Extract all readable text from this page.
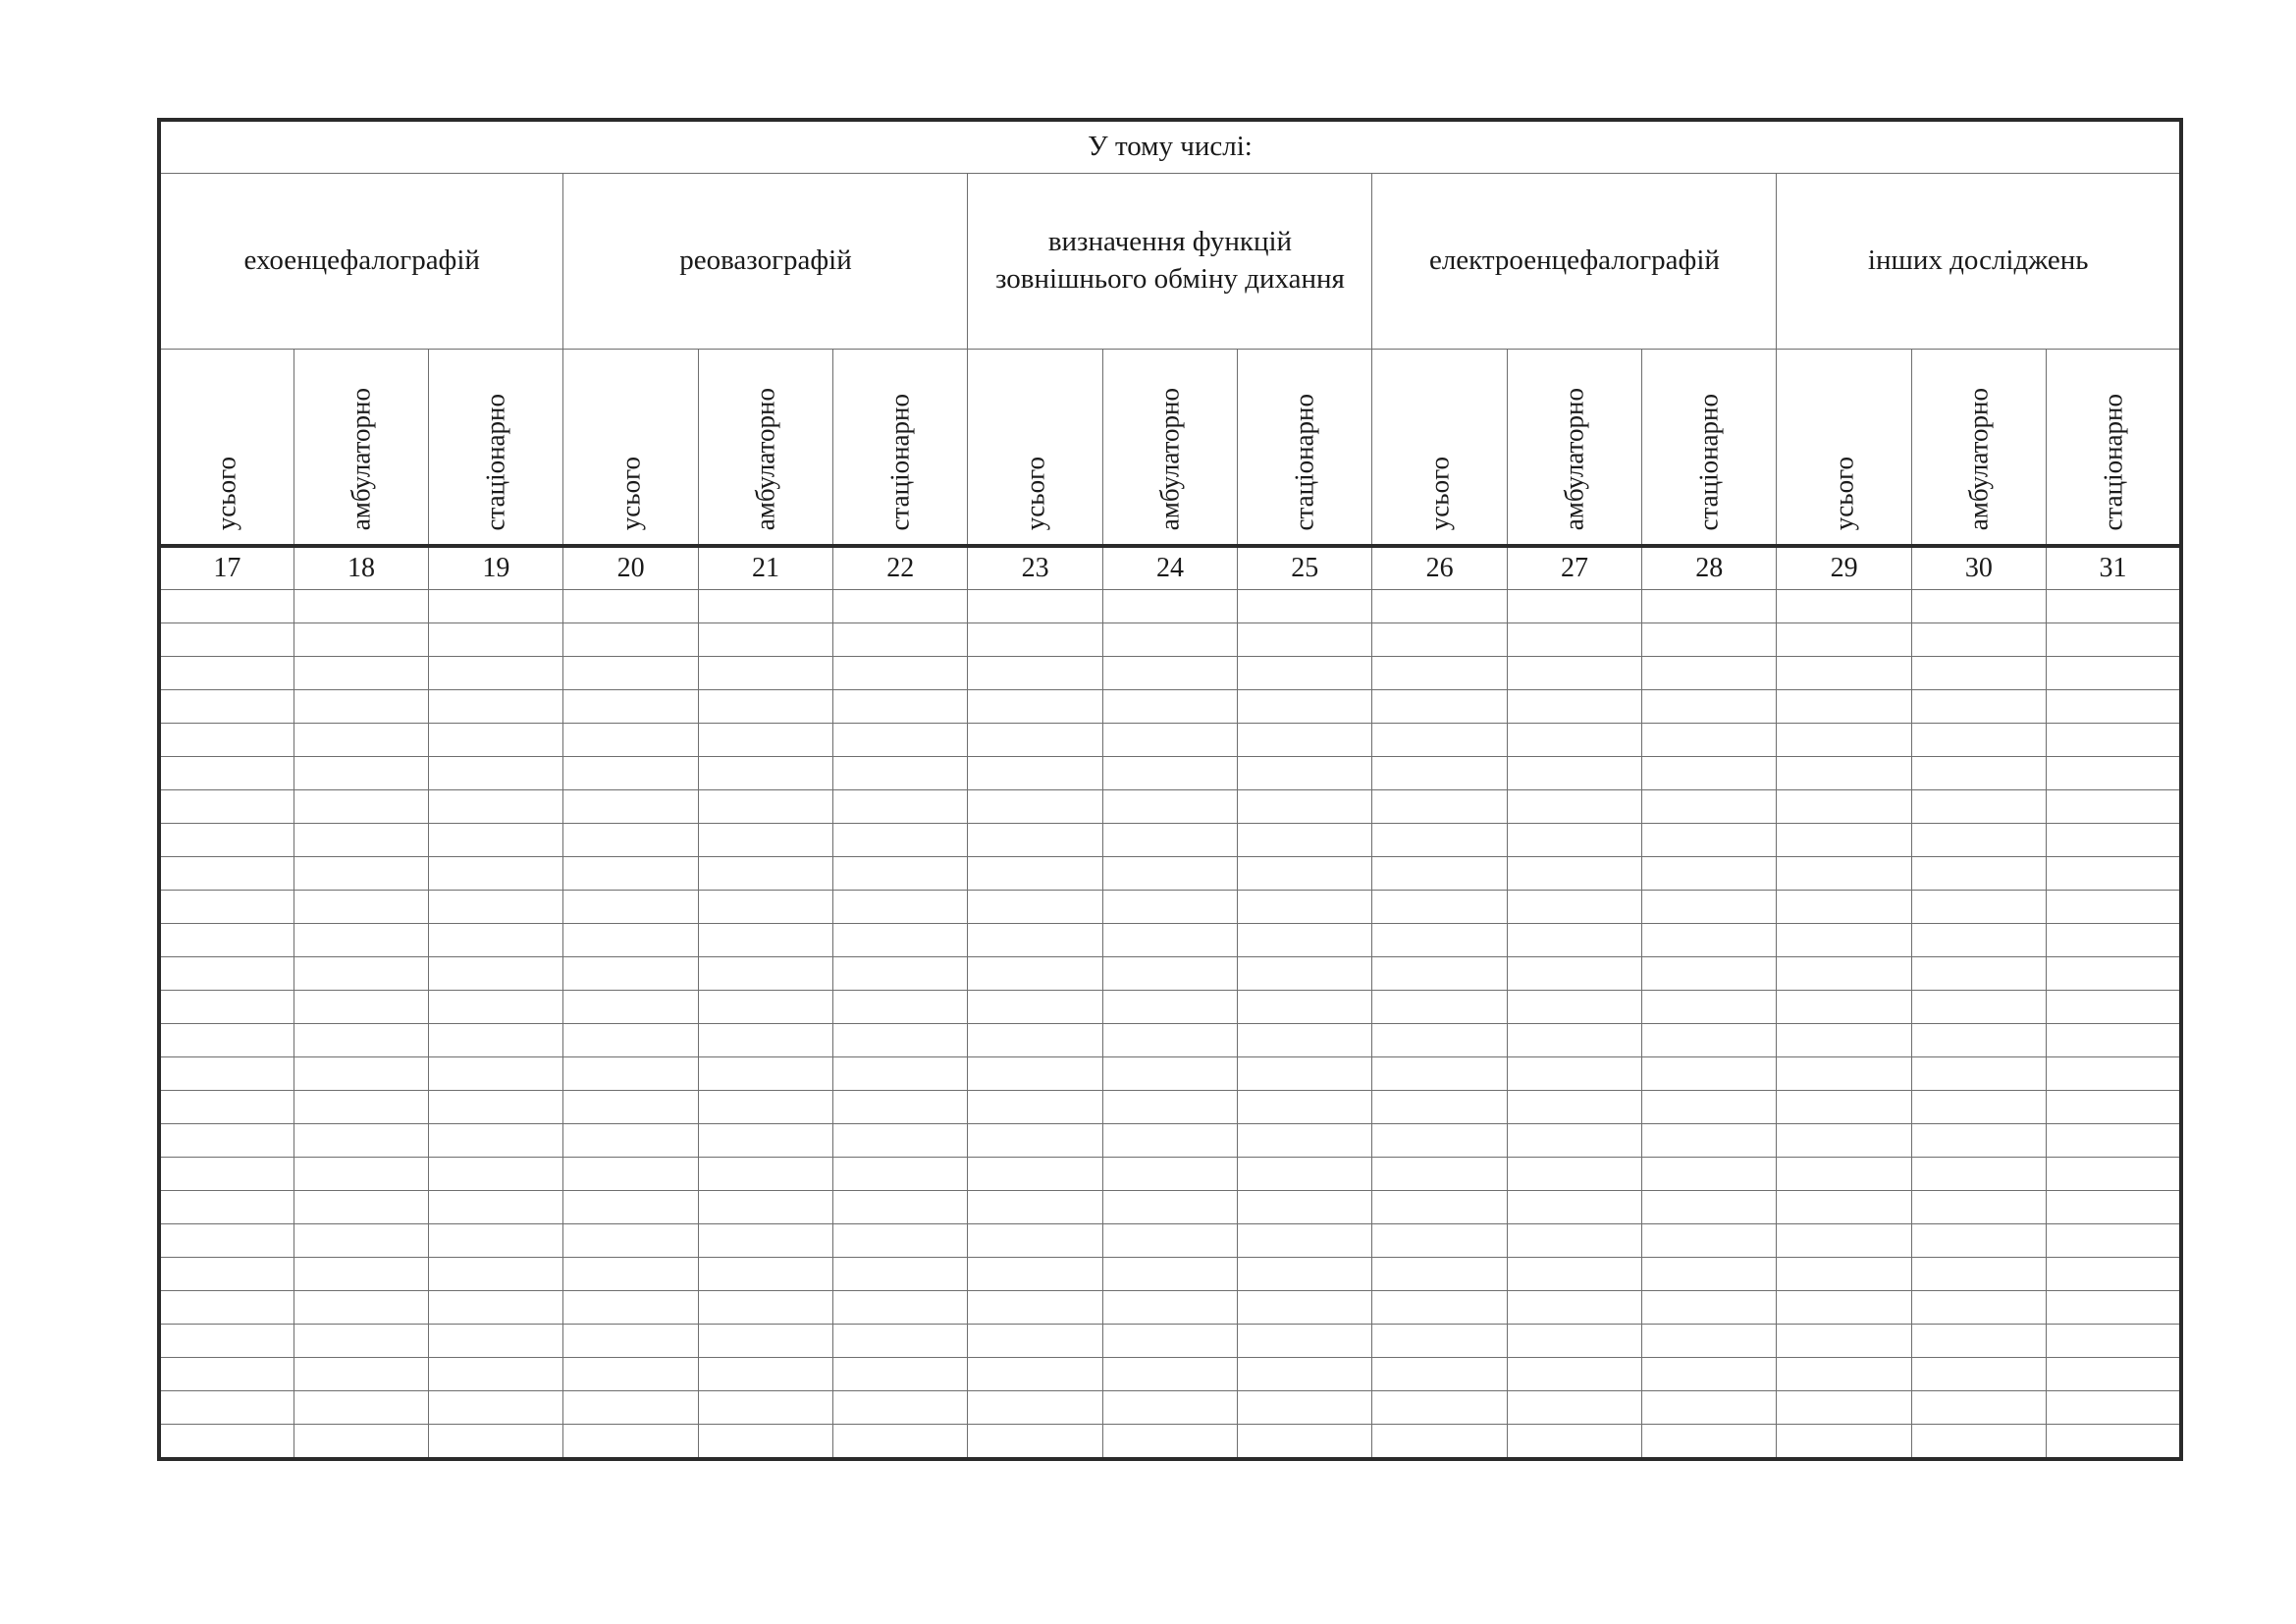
У тому числі:														
ехоенцефалографій			реовазографій			визначення функцій зовнішнього обміну дихання			електроенцефалографій			інших досліджень		

усього	амбулаторно	стаціонарно	усього	амбулаторно	стаціонарно	усього	амбулаторно	стаціонарно	усього	амбулаторно	стаціонарно	усього	амбулаторно	стаціонарно

17	18	19	20	21	22	23	24	25	26	27	28	29	30	31
